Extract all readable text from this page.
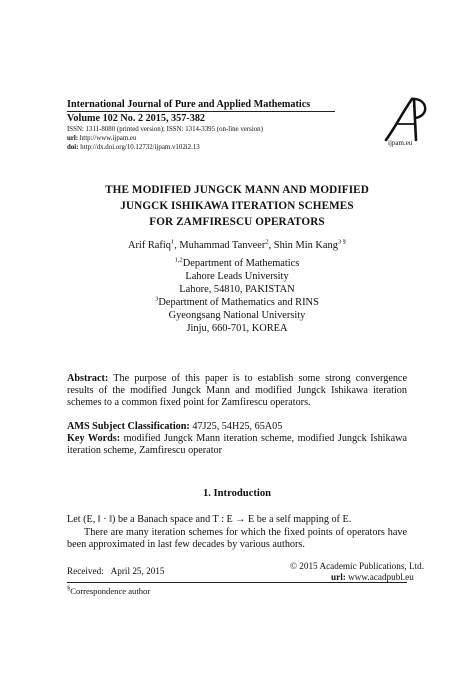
International Journal of Pure and Applied Mathematics
Volume 102 No. 2 2015, 357-382
ISSN: 1311-8080 (printed version); ISSN: 1314-3395 (on-line version)
url: http://www.ijpam.eu
doi: http://dx.doi.org/10.12732/ijpam.v102i2.13
ijpam.eu
THE MODIFIED JUNGCK MANN AND MODIFIED
JUNGCK ISHIKAWA ITERATION SCHEMES
FOR ZAMFIRESCU OPERATORS
Arif Rafiq$^1$, Muhammad Tanveer$^2$, Shin Min Kang$^{3 \S}$
$^{1,2}$Department of Mathematics
Lahore Leads University
Lahore, 54810, PAKISTAN
$^3$Department of Mathematics and RINS
Gyeongsang National University
Jinju, 660-701, KOREA
Abstract: The purpose of this paper is to establish some strong convergence results of the modified Jungck Mann and modified Jungck Ishikawa iteration schemes to a common fixed point for Zamfirescu operators.
AMS Subject Classification: 47J25, 54H25, 65A05
Key Words: modified Jungck Mann iteration scheme, modified Jungck Ishikawa iteration scheme, Zamfirescu operator
1. Introduction
Let (E, ‖ · ‖) be a Banach space and T : E → E be a self mapping of E.
There are many iteration schemes for which the fixed points of operators have been approximated in last few decades by various authors.
Received: April 25, 2015	© 2015 Academic Publications, Ltd.
url: www.acadpubl.eu
§Correspondence author
